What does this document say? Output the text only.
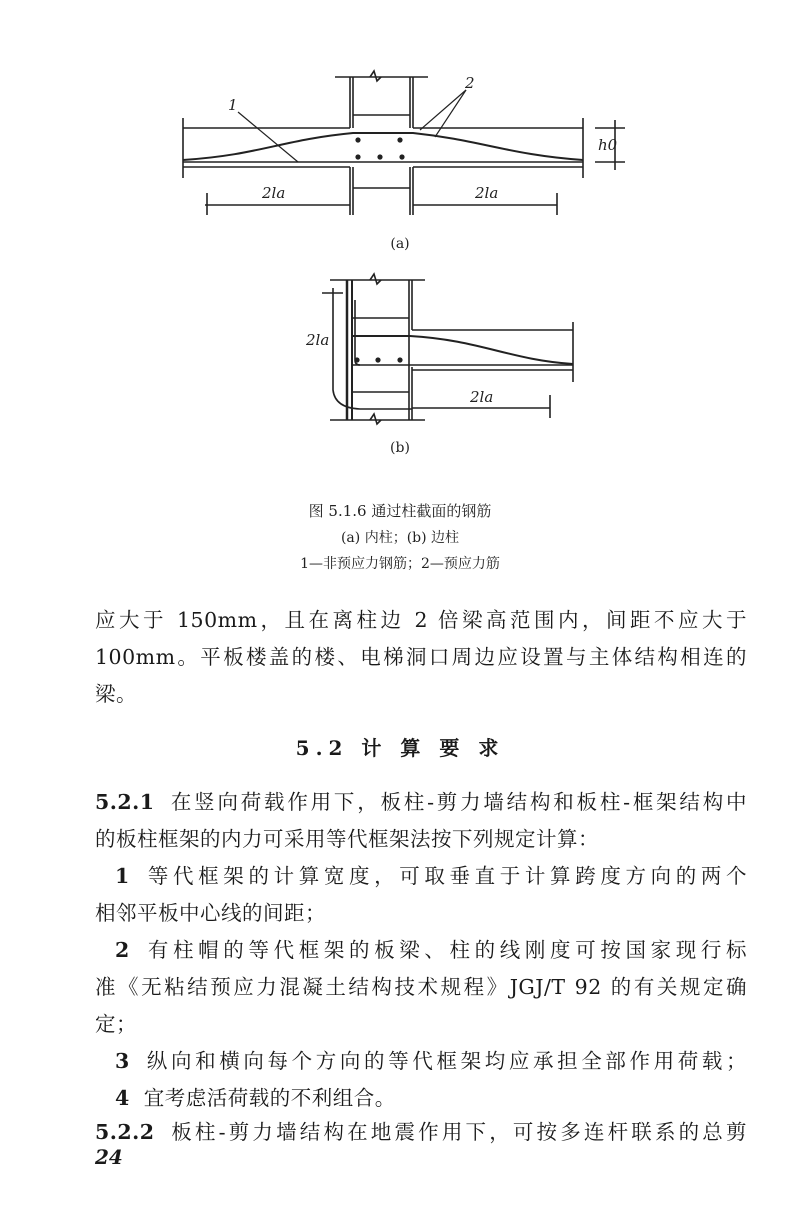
1
2
h0
2la	2la
2la
2la
(a)
(b)
图 5.1.6 通过柱截面的钢筋
(a) 内柱；(b) 边柱
1—非预应力钢筋；2—预应力筋
应大于 150mm，且在离柱边 2 倍梁高范围内，间距不应大于
100mm。平板楼盖的楼、电梯洞口周边应设置与主体结构相连的
梁。
5.2 计 算 要 求
5.2.1 在竖向荷载作用下，板柱-剪力墙结构和板柱-框架结构中
的板柱框架的内力可采用等代框架法按下列规定计算：
1 等代框架的计算宽度，可取垂直于计算跨度方向的两个
相邻平板中心线的间距；
2 有柱帽的等代框架的板梁、柱的线刚度可按国家现行标
准《无粘结预应力混凝土结构技术规程》JGJ/T 92 的有关规定确
定；
3 纵向和横向每个方向的等代框架均应承担全部作用荷载；
4 宜考虑活荷载的不利组合。
5.2.2 板柱-剪力墙结构在地震作用下，可按多连杆联系的总剪
24
